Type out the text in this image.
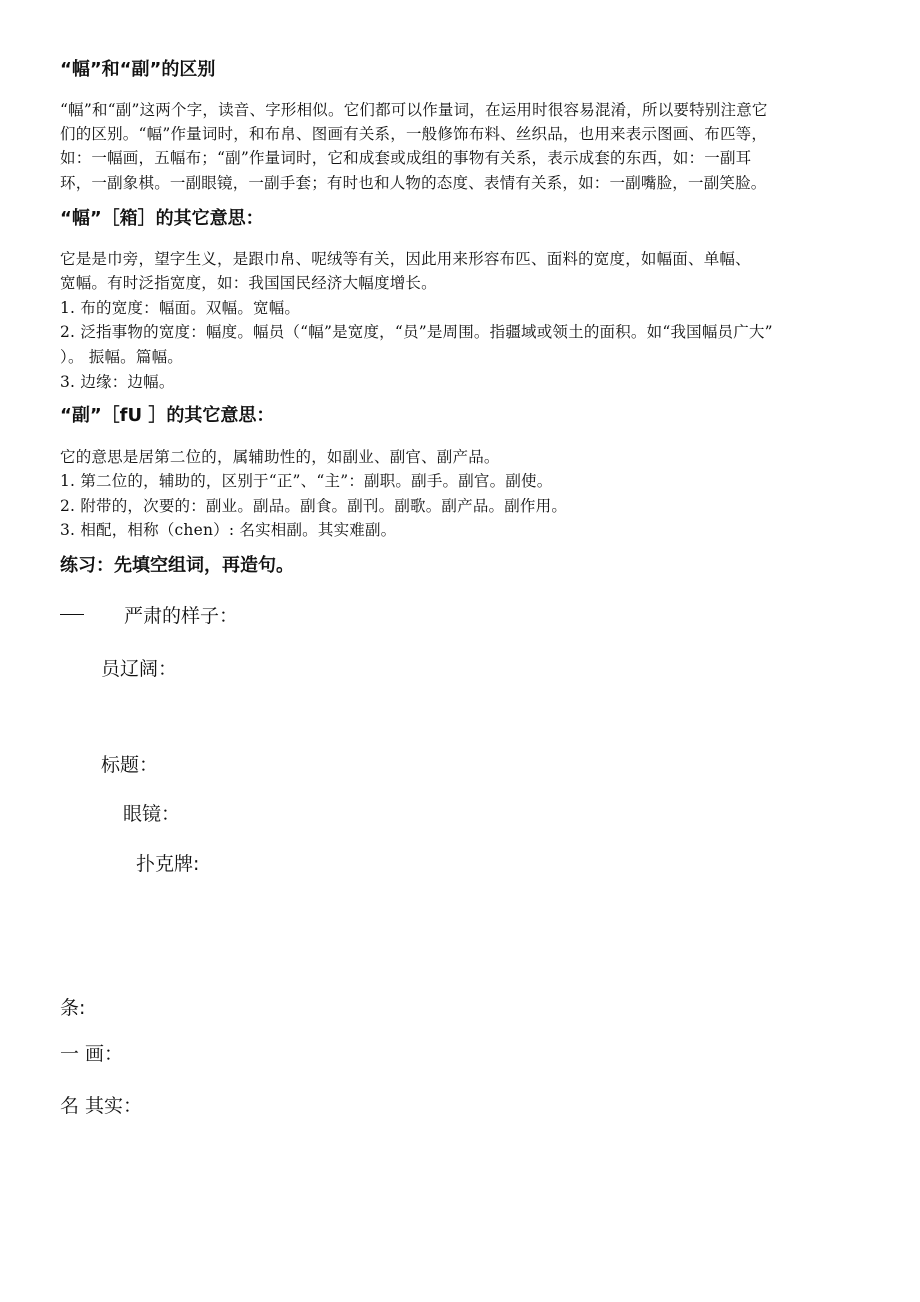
“幅”和“副”的区别
“幅”和“副”这两个字，读音、字形相似。它们都可以作量词，在运用时很容易混淆，所以要特别注意它
们的区别。“幅”作量词时，和布帛、图画有关系，一般修饰布料、丝织品，也用来表示图画、布匹等，
如：一幅画，五幅布；“副”作量词时，它和成套或成组的事物有关系，表示成套的东西，如：一副耳
环，一副象棋。一副眼镜，一副手套；有时也和人物的态度、表情有关系，如：一副嘴脸，一副笑脸。
“幅”［箱］的其它意思：
它是是巾旁，望字生义，是跟巾帛、呢绒等有关，因此用来形容布匹、面料的宽度，如幅面、单幅、
宽幅。有时泛指宽度，如：我国国民经济大幅度增长。
1. 布的宽度：幅面。双幅。宽幅。
2. 泛指事物的宽度：幅度。幅员（“幅”是宽度，“员”是周围。指疆域或领土的面积。如“我国幅员广大”
）。 振幅。篇幅。
3. 边缘：边幅。
“副”［fU ］的其它意思：
它的意思是居第二位的，属辅助性的，如副业、副官、副产品。
1. 第二位的，辅助的，区别于“正”、“主”：副职。副手。副官。副使。
2. 附带的，次要的：副业。副品。副食。副刊。副歌。副产品。副作用。
3. 相配，相称（chen）: 名实相副。其实难副。
练习：先填空组词，再造句。
严肃的样子：
员辽阔：
标题：
眼镜：
扑克牌:
条:
一 画：
名 其实：
